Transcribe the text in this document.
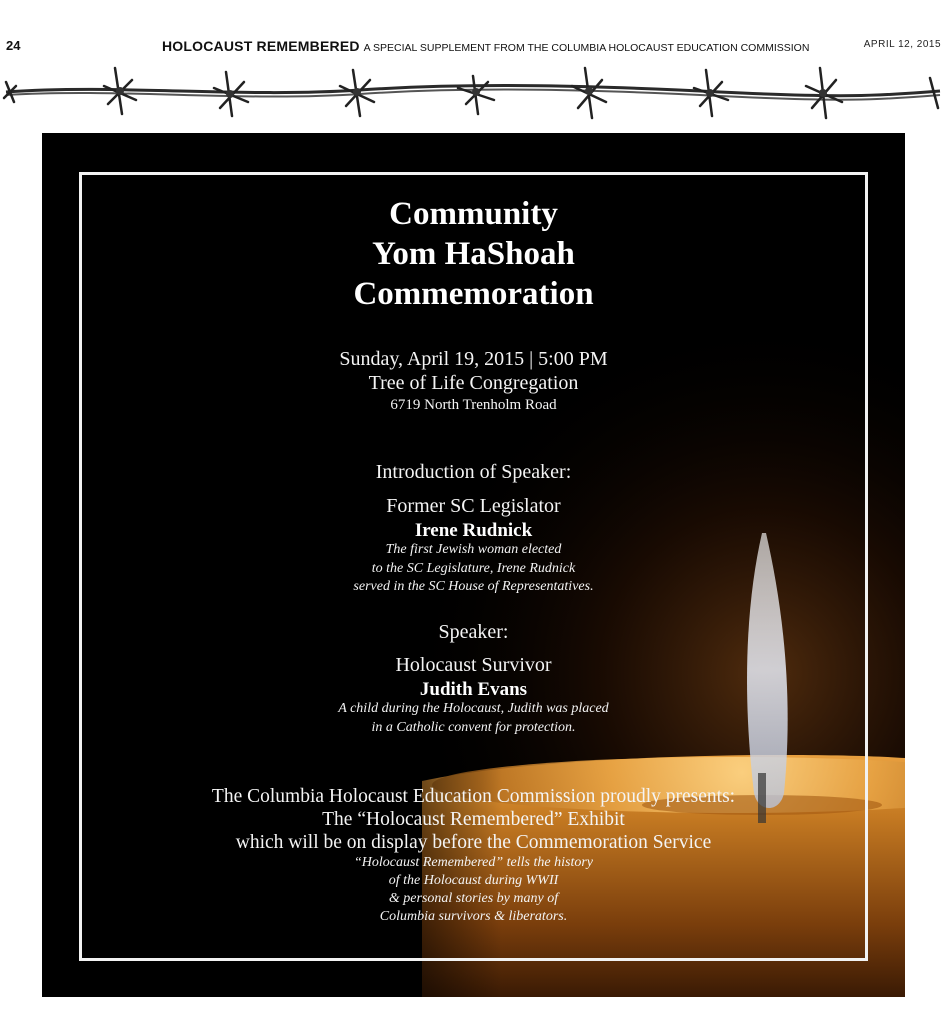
24	HOLOCAUST REMEMBERED A SPECIAL SUPPLEMENT FROM THE COLUMBIA HOLOCAUST EDUCATION COMMISSION	APRIL 12, 2015
Community
Yom HaShoah
Commemoration
Sunday, April 19, 2015 | 5:00 PM
Tree of Life Congregation
6719 North Trenholm Road
Introduction of Speaker:
Former SC Legislator
Irene Rudnick
The first Jewish woman elected
to the SC Legislature, Irene Rudnick
served in the SC House of Representatives.
Speaker:
Holocaust Survivor
Judith Evans
A child during the Holocaust, Judith was placed
in a Catholic convent for protection.
The Columbia Holocaust Education Commission proudly presents:
The “Holocaust Remembered” Exhibit
which will be on display before the Commemoration Service
“Holocaust Remembered” tells the history
of the Holocaust during WWII
& personal stories by many of
Columbia survivors & liberators.
